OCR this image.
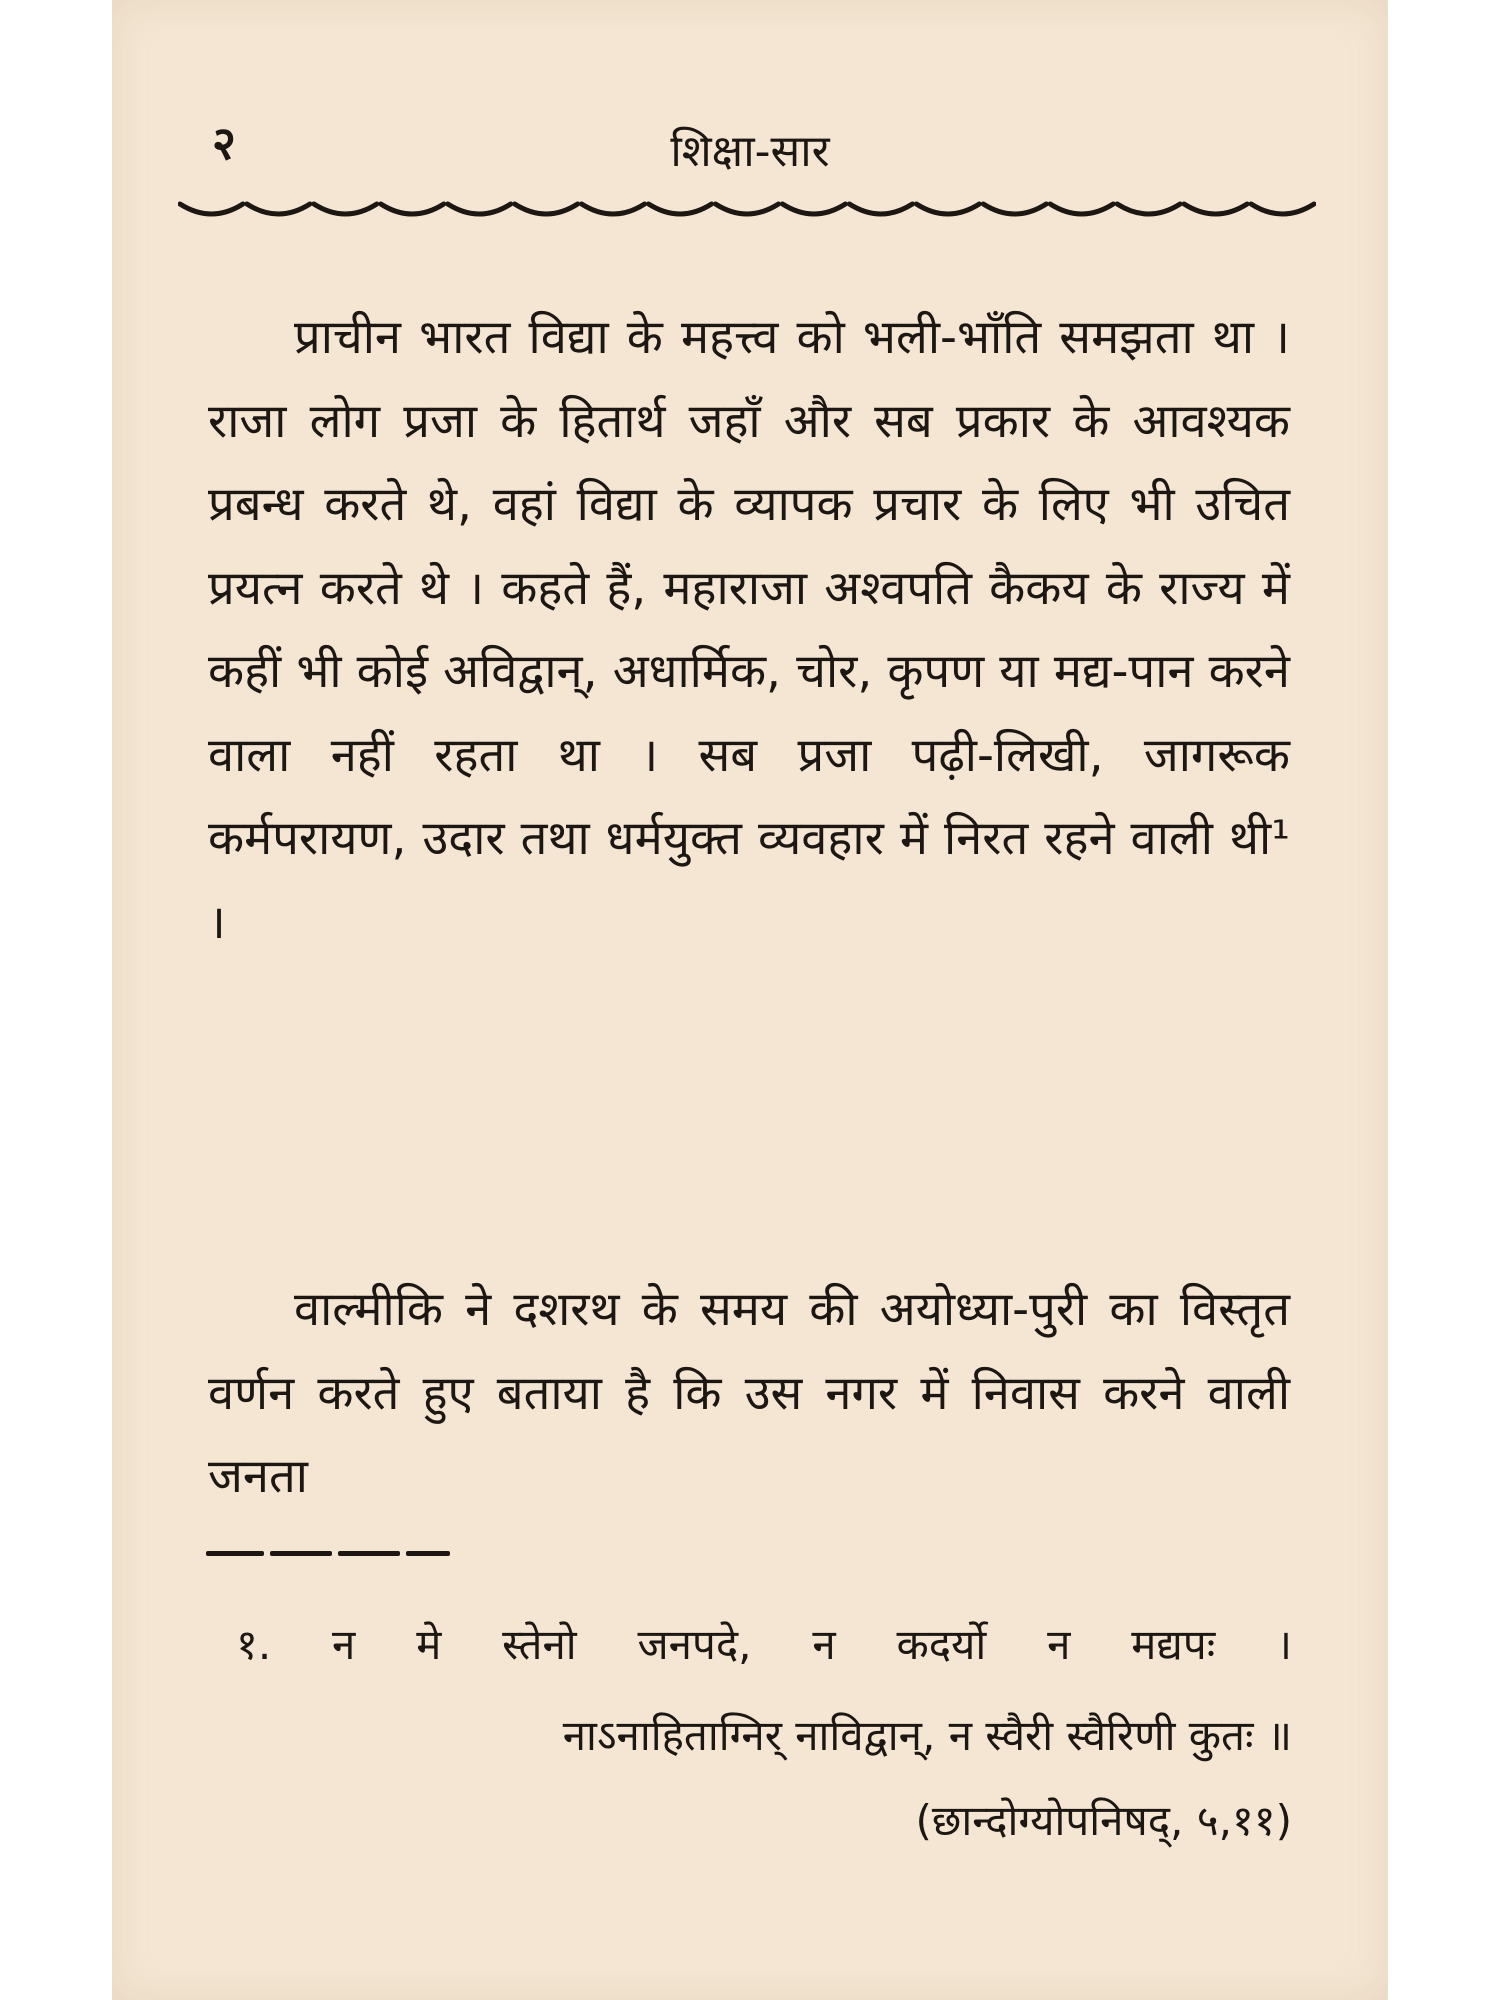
२	शिक्षा-सार

प्राचीन भारत विद्या के महत्त्व को भली-भाँति समझता था । राजा लोग प्रजा के हितार्थ जहाँ और सब प्रकार के आवश्यक प्रबन्ध करते थे, वहां विद्या के व्यापक प्रचार के लिए भी उचित प्रयत्न करते थे । कहते हैं, महाराजा अश्वपति कैकय के राज्य में कहीं भी कोई अविद्वान्, अधार्मिक, चोर, कृपण या मद्य-पान करने वाला नहीं रहता था । सब प्रजा पढ़ी-लिखी, जागरूक कर्मपरायण, उदार तथा धर्मयुक्त व्यवहार में निरत रहने वाली थी¹ ।

वाल्मीकि ने दशरथ के समय की अयोध्या-पुरी का विस्तृत वर्णन करते हुए बताया है कि उस नगर में निवास करने वाली जनता

१. न मे स्तेनो जनपदे, न कदर्यो न मद्यपः ।
नाऽनाहिताग्निर् नाविद्वान्, न स्वैरी स्वैरिणी कुतः ॥
(छान्दोग्योपनिषद्, ५,११)
